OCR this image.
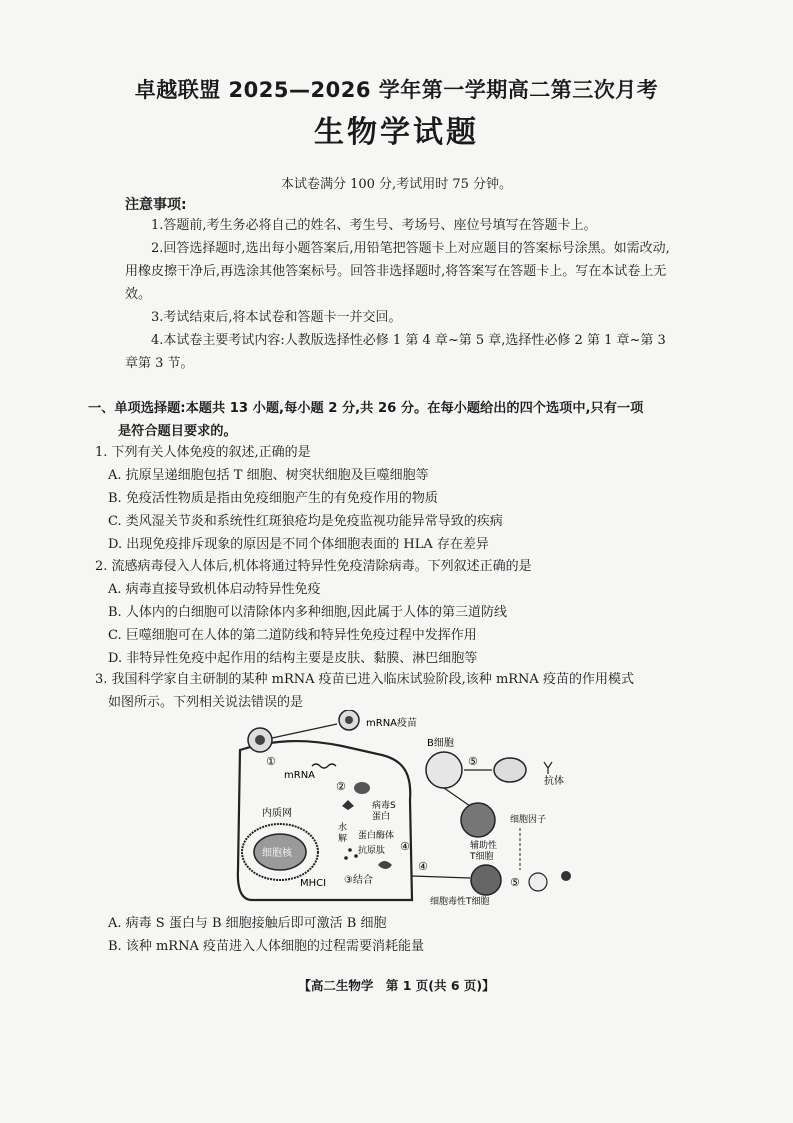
卓越联盟 2025—2026 学年第一学期高二第三次月考
生物学试题
本试卷满分 100 分,考试用时 75 分钟。
注意事项:

1.答题前,考生务必将自己的姓名、考生号、考场号、座位号填写在答题卡上。

2.回答选择题时,选出每小题答案后,用铅笔把答题卡上对应题目的答案标号涂黑。如需改动,用橡皮擦干净后,再选涂其他答案标号。回答非选择题时,将答案写在答题卡上。写在本试卷上无效。

3.考试结束后,将本试卷和答题卡一并交回。

4.本试卷主要考试内容:人教版选择性必修 1 第 4 章~第 5 章,选择性必修 2 第 1 章~第 3 章第 3 节。

一、单项选择题:本题共 13 小题,每小题 2 分,共 26 分。在每小题给出的四个选项中,只有一项
是符合题目要求的。

1. 下列有关人体免疫的叙述,正确的是

A. 抗原呈递细胞包括 T 细胞、树突状细胞及巨噬细胞等

B. 免疫活性物质是指由免疫细胞产生的有免疫作用的物质

C. 类风湿关节炎和系统性红斑狼疮均是免疫监视功能异常导致的疾病

D. 出现免疫排斥现象的原因是不同个体细胞表面的 HLA 存在差异

2. 流感病毒侵入人体后,机体将通过特异性免疫清除病毒。下列叙述正确的是

A. 病毒直接导致机体启动特异性免疫

B. 人体内的白细胞可以清除体内多种细胞,因此属于人体的第三道防线

C. 巨噬细胞可在人体的第二道防线和特异性免疫过程中发挥作用

D. 非特异性免疫中起作用的结构主要是皮肤、黏膜、淋巴细胞等

3. 我国科学家自主研制的某种 mRNA 疫苗已进入临床试验阶段,该种 mRNA 疫苗的作用模式

如图所示。下列相关说法错误的是

mRNA疫苗
①
mRNA
②
内质网
细胞核
病毒S
蛋白
水
解 蛋白酶体
抗原肽 ④
④
MHCI ③结合
B细胞
⑤
抗体
细胞因子
辅助性
T细胞
⑤
细胞毒性T细胞

A. 病毒 S 蛋白与 B 细胞接触后即可激活 B 细胞

B. 该种 mRNA 疫苗进入人体细胞的过程需要消耗能量

【高二生物学　第 1 页(共 6 页)】
